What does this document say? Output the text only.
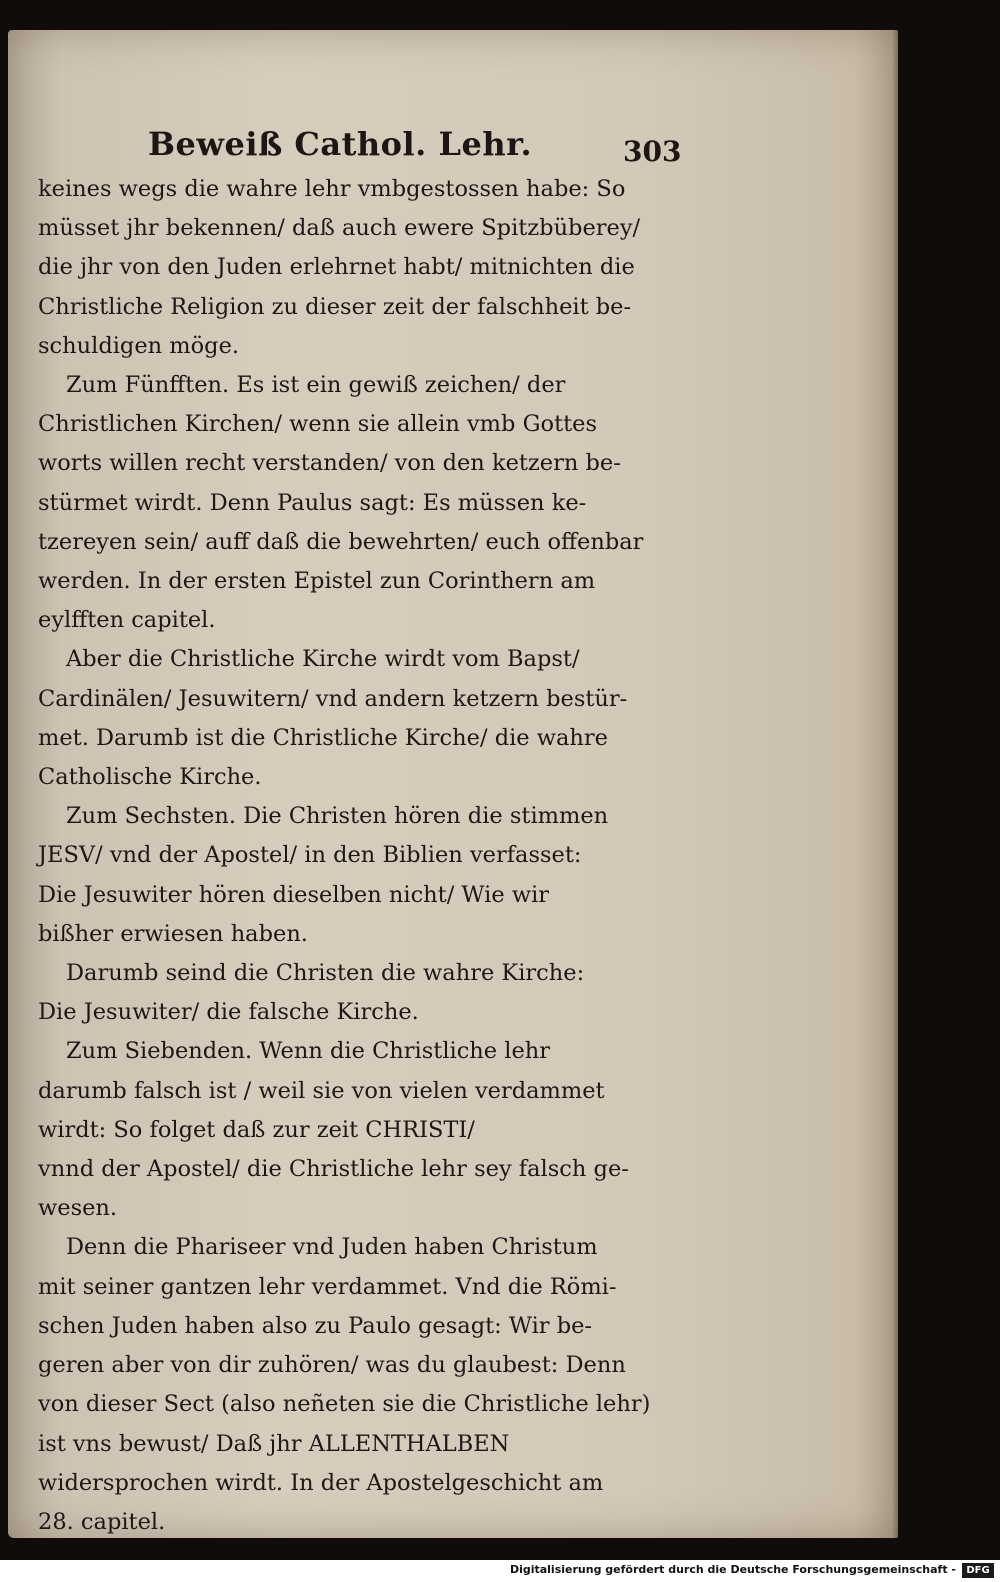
Beweiß Cathol. Lehr.	303
keines wegs die wahre lehr vmbgestossen habe: So
müsset jhr bekennen/ daß auch ewere Spitzbüberey/
die jhr von den Juden erlehrnet habt/ mitnichten die
Christliche Religion zu dieser zeit der falschheit be-
schuldigen möge.
Zum Fünfften. Es ist ein gewiß zeichen/ der
Christlichen Kirchen/ wenn sie allein vmb Gottes
worts willen recht verstanden/ von den ketzern be-
stürmet wirdt. Denn Paulus sagt: Es müssen ke-
tzereyen sein/ auff daß die bewehrten/ euch offenbar
werden. In der ersten Epistel zun Corinthern am
eylfften capitel.
Aber die Christliche Kirche wirdt vom Bapst/
Cardinälen/ Jesuwitern/ vnd andern ketzern bestür-
met. Darumb ist die Christliche Kirche/ die wahre
Catholische Kirche.
Zum Sechsten. Die Christen hören die stimmen
JESV/ vnd der Apostel/ in den Biblien verfasset:
Die Jesuwiter hören dieselben nicht/ Wie wir
bißher erwiesen haben.
Darumb seind die Christen die wahre Kirche:
Die Jesuwiter/ die falsche Kirche.
Zum Siebenden. Wenn die Christliche lehr
darumb falsch ist / weil sie von vielen verdammet
wirdt: So folget daß zur zeit CHRISTI/
vnnd der Apostel/ die Christliche lehr sey falsch ge-
wesen.
Denn die Phariseer vnd Juden haben Christum
mit seiner gantzen lehr verdammet. Vnd die Römi-
schen Juden haben also zu Paulo gesagt: Wir be-
geren aber von dir zuhören/ was du glaubest: Denn
von dieser Sect (also neñeten sie die Christliche lehr)
ist vns bewust/ Daß jhr ALLENTHALBEN
widersprochen wirdt. In der Apostelgeschicht am
28. capitel.
Digitalisierung gefördert durch die Deutsche Forschungsgemeinschaft -	DFG
